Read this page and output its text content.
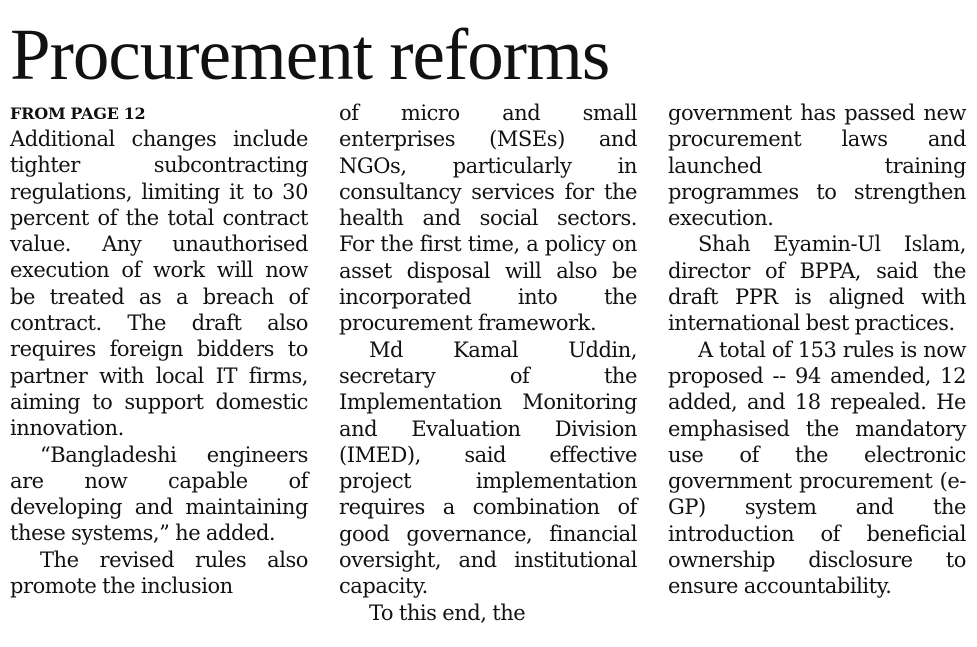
Procurement reforms
FROM PAGE 12

Additional changes include tighter subcontracting regulations, limiting it to 30 percent of the total contract value. Any unauthorised execution of work will now be treated as a breach of contract. The draft also requires foreign bidders to partner with local IT firms, aiming to support domestic innovation.

“Bangladeshi engineers are now capable of developing and maintaining these systems,” he added.

The revised rules also promote the inclusion

of micro and small enterprises (MSEs) and NGOs, particularly in consultancy services for the health and social sectors. For the first time, a policy on asset disposal will also be incorporated into the procurement framework.

Md Kamal Uddin, secretary of the Implementation Monitoring and Evaluation Division (IMED), said effective project implementation requires a combination of good governance, financial oversight, and institutional capacity.

To this end, the

government has passed new procurement laws and launched training programmes to strengthen execution.

Shah Eyamin-Ul Islam, director of BPPA, said the draft PPR is aligned with international best practices.

A total of 153 rules is now proposed -- 94 amended, 12 added, and 18 repealed. He emphasised the mandatory use of the electronic government procurement (e-GP) system and the introduction of beneficial ownership disclosure to ensure accountability.
